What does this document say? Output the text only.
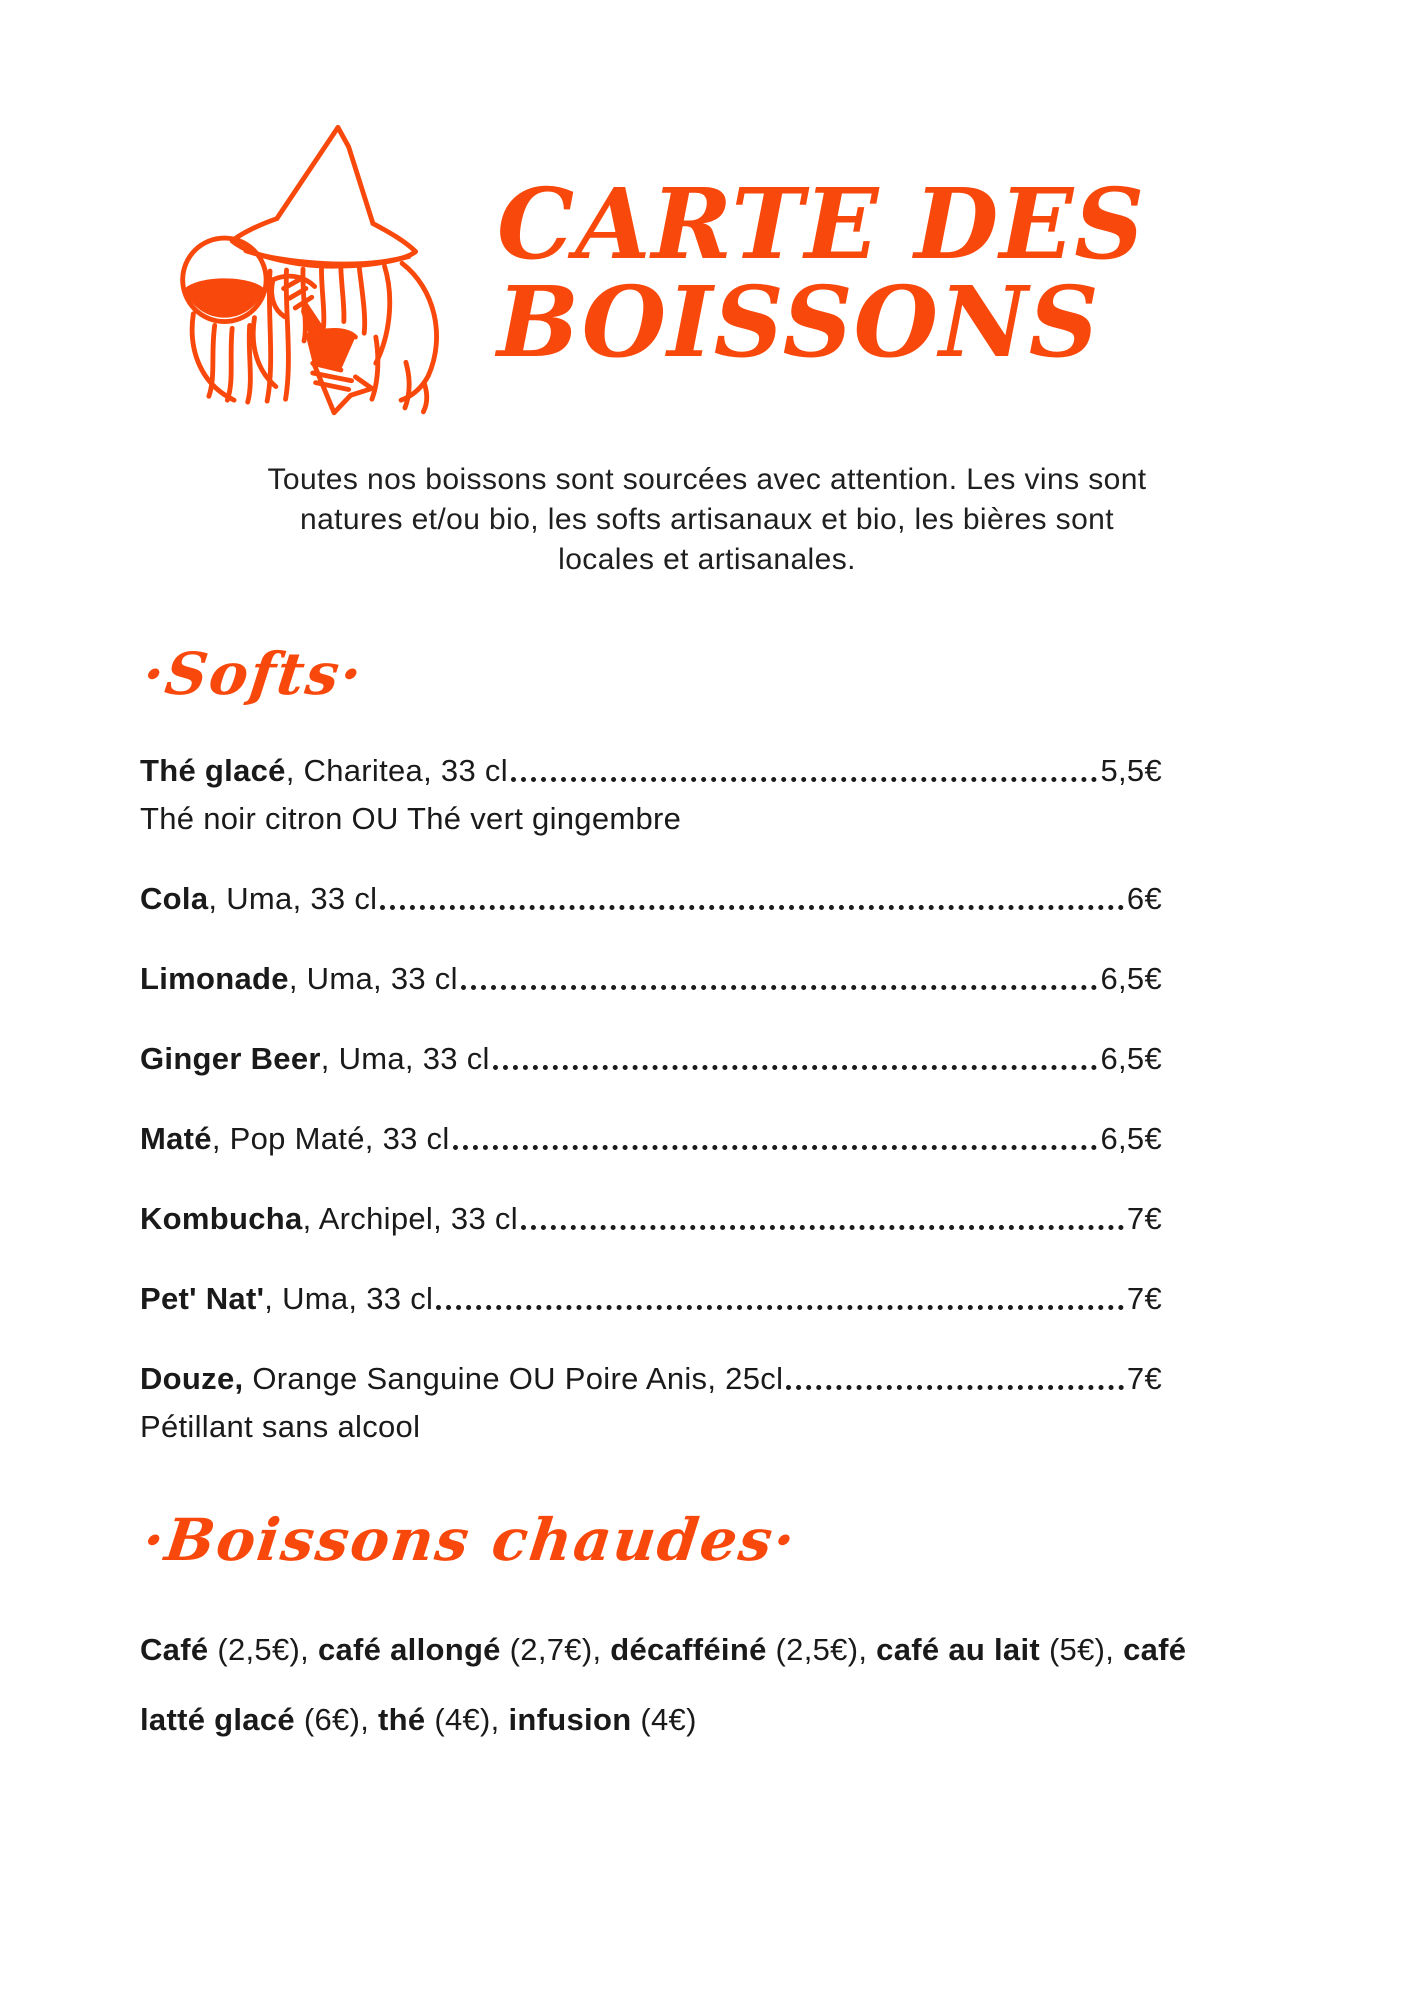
CARTE DES
BOISSONS

Toutes nos boissons sont sourcées avec attention. Les vins sont natures et/ou bio, les softs artisanaux et bio, les bières sont locales et artisanales.

·Softs·
Thé glacé, Charitea, 33 cl	5,5€
Thé noir citron OU Thé vert gingembre
Cola, Uma, 33 cl	6€
Limonade, Uma, 33 cl	6,5€
Ginger Beer, Uma, 33 cl	6,5€
Maté, Pop Maté, 33 cl	6,5€
Kombucha, Archipel, 33 cl	7€
Pet' Nat', Uma, 33 cl	7€
Douze, Orange Sanguine OU Poire Anis, 25cl	7€
Pétillant sans alcool
·Boissons chaudes·
Café (2,5€), café allongé (2,7€), décafféiné (2,5€), café au lait (5€), café latté glacé (6€), thé (4€), infusion (4€)
